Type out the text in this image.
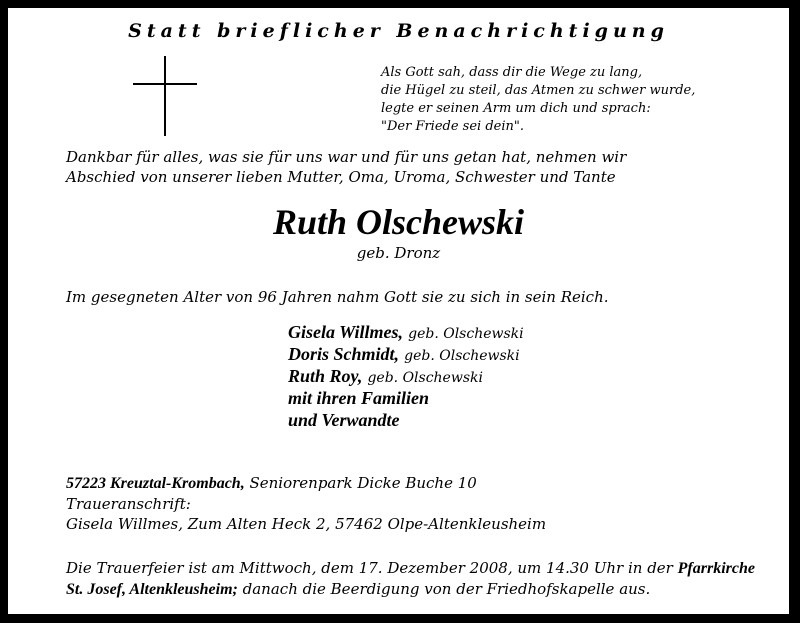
Statt brieflicher Benachrichtigung
Als Gott sah, dass dir die Wege zu lang,
die Hügel zu steil, das Atmen zu schwer wurde,
legte er seinen Arm um dich und sprach:
"Der Friede sei dein".
Dankbar für alles, was sie für uns war und für uns getan hat, nehmen wir
Abschied von unserer lieben Mutter, Oma, Uroma, Schwester und Tante
Ruth Olschewski
geb. Dronz
Im gesegneten Alter von 96 Jahren nahm Gott sie zu sich in sein Reich.
Gisela Willmes, geb. Olschewski
Doris Schmidt, geb. Olschewski
Ruth Roy, geb. Olschewski
mit ihren Familien
und Verwandte
57223 Kreuztal-Krombach, Seniorenpark Dicke Buche 10
Traueranschrift:
Gisela Willmes, Zum Alten Heck 2, 57462 Olpe-Altenkleusheim
Die Trauerfeier ist am Mittwoch, dem 17. Dezember 2008, um 14.30 Uhr in der Pfarrkirche
St. Josef, Altenkleusheim; danach die Beerdigung von der Friedhofskapelle aus.
